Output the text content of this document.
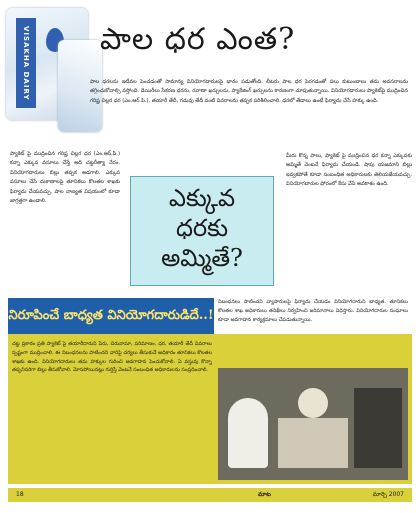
VISAKHA DAIRY పాల ధర ఎంత?
పాల ధరలను ఇటీవల పెంచడంతో సామాన్య వినియోగదారులపై భారం పడుతోంది. లీటరు పాల ధర పెరగడంతో పలు కుటుంబాలు తమ అవసరాలను తగ్గించుకోవాల్సి వస్తోంది. డెయిరీలు సేకరణ ధరను, రవాణా ఖర్చులను, ప్యాకేజింగ్ ఖర్చులను కారణంగా చూపుతున్నాయి. వినియోగదారులు ప్యాకెట్‌పై ముద్రించిన గరిష్ట చిల్లర ధర (ఎం.ఆర్.పి.), తయారీ తేదీ, గడువు తేదీ వంటి వివరాలను తప్పక పరిశీలించాలి. ధరలో తేడాలు ఉంటే ఫిర్యాదు చేసే హక్కు ఉంది.
ప్యాకెట్ పై ముద్రించిన గరిష్ట చిల్లర ధర (ఎం.ఆర్.పి.) కన్నా ఎక్కువ వసూలు చేస్తే అది చట్టరీత్యా నేరం. వినియోగదారులు బిల్లు తప్పక అడగాలి. ఎక్కువ వసూలు చేసే దుకాణాలపై తూనికలు కొలతల శాఖకు ఫిర్యాదు చేయవచ్చు. పాల నాణ్యత విషయంలో కూడా జాగ్రత్తగా ఉండాలి.	ఎక్కువ
ధరకు
అమ్మితే?
మీరు కొన్న పాలు, ప్యాకెట్ పై ముద్రించిన ధర కన్నా ఎక్కువకు అమ్మితే వెంటనే ఫిర్యాదు చేయండి. షాపు యజమాని బిల్లు ఇవ్వకపోతే కూడా సంబంధిత అధికారులకు తెలియజేయవచ్చు. వినియోగదారుల ఫోరంలో కేసు వేసే అవకాశం ఉంది.
నిరూపించే బాధ్యత వినియోగదారుడిదే..!
నిబంధనలు పాటించని వ్యాపారులపై ఫిర్యాదు చేయడం వినియోగదారుని బాధ్యత. తూనికలు కొలతల శాఖ అధికారులు తనిఖీలు నిర్వహించి జరిమానాలు విధిస్తారు. వినియోగదారుల సంఘాలు కూడా అవగాహన కార్యక్రమాలు చేపడుతున్నాయి.
చట్ట ప్రకారం ప్రతి ప్యాకెట్ పై తయారీదారుని పేరు, చిరునామా, పరిమాణం, ధర, తయారీ తేదీ వివరాలు స్పష్టంగా ముద్రించాలి. ఈ నిబంధనలను పాటించని వారిపై చర్యలు తీసుకునే అధికారం తూనికలు కొలతల శాఖకు ఉంది. వినియోగదారులు తమ హక్కుల గురించి అవగాహన పెంచుకోవాలి. ఏ వస్తువు కొన్నా తప్పనిసరిగా బిల్లు తీసుకోవాలి. మోసపోయినట్లు గుర్తిస్తే వెంటనే సంబంధిత అధికారులను సంప్రదించాలి.
18	మాట	మార్చి 2007
